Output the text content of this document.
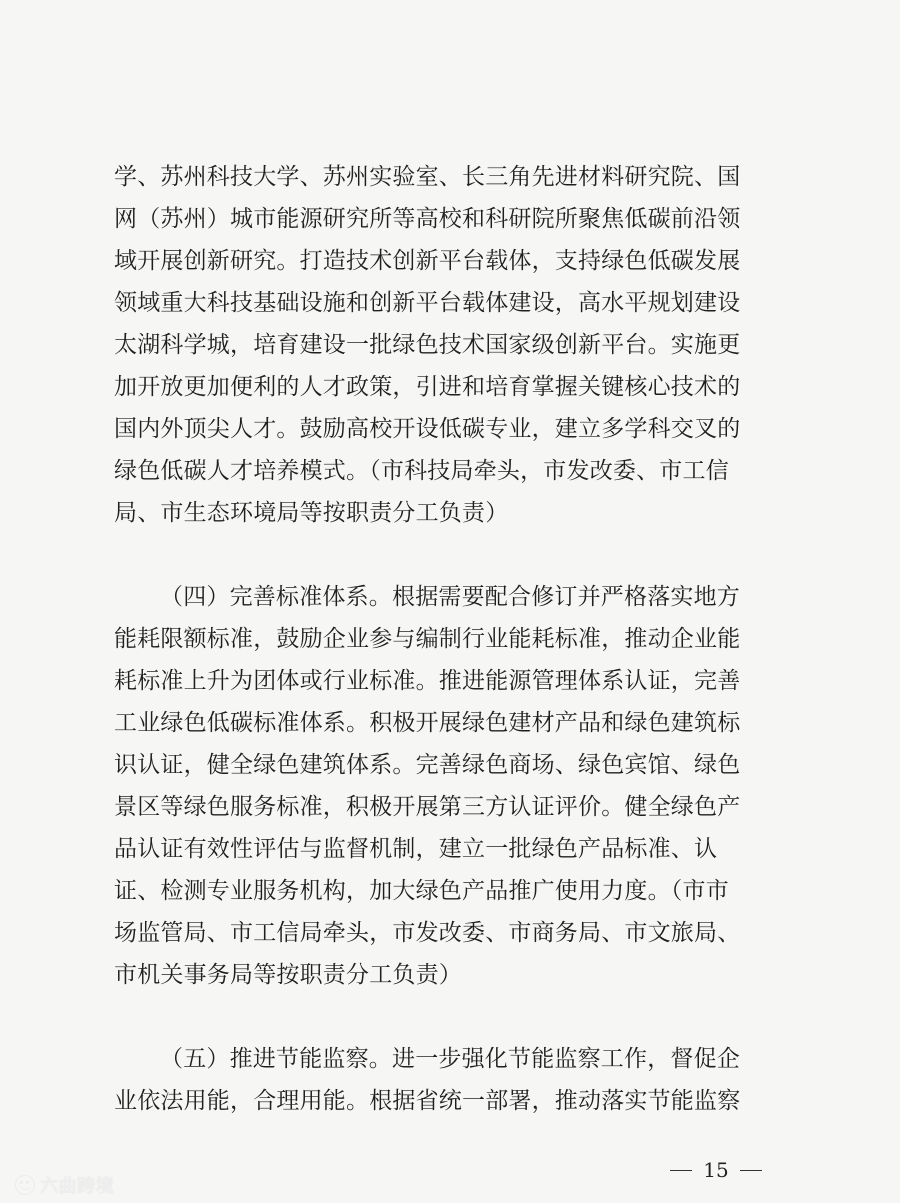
学、苏州科技大学、苏州实验室、长三角先进材料研究院、国
网（苏州）城市能源研究所等高校和科研院所聚焦低碳前沿领
域开展创新研究。打造技术创新平台载体，支持绿色低碳发展
领域重大科技基础设施和创新平台载体建设，高水平规划建设
太湖科学城，培育建设一批绿色技术国家级创新平台。实施更
加开放更加便利的人才政策，引进和培育掌握关键核心技术的
国内外顶尖人才。鼓励高校开设低碳专业，建立多学科交叉的
绿色低碳人才培养模式。（市科技局牵头，市发改委、市工信
局、市生态环境局等按职责分工负责）
（四）完善标准体系。根据需要配合修订并严格落实地方
能耗限额标准，鼓励企业参与编制行业能耗标准，推动企业能
耗标准上升为团体或行业标准。推进能源管理体系认证，完善
工业绿色低碳标准体系。积极开展绿色建材产品和绿色建筑标
识认证，健全绿色建筑体系。完善绿色商场、绿色宾馆、绿色
景区等绿色服务标准，积极开展第三方认证评价。健全绿色产
品认证有效性评估与监督机制，建立一批绿色产品标准、认
证、检测专业服务机构，加大绿色产品推广使用力度。（市市
场监管局、市工信局牵头，市发改委、市商务局、市文旅局、
市机关事务局等按职责分工负责）
（五）推进节能监察。进一步强化节能监察工作，督促企
业依法用能，合理用能。根据省统一部署，推动落实节能监察
15
六曲跨境
